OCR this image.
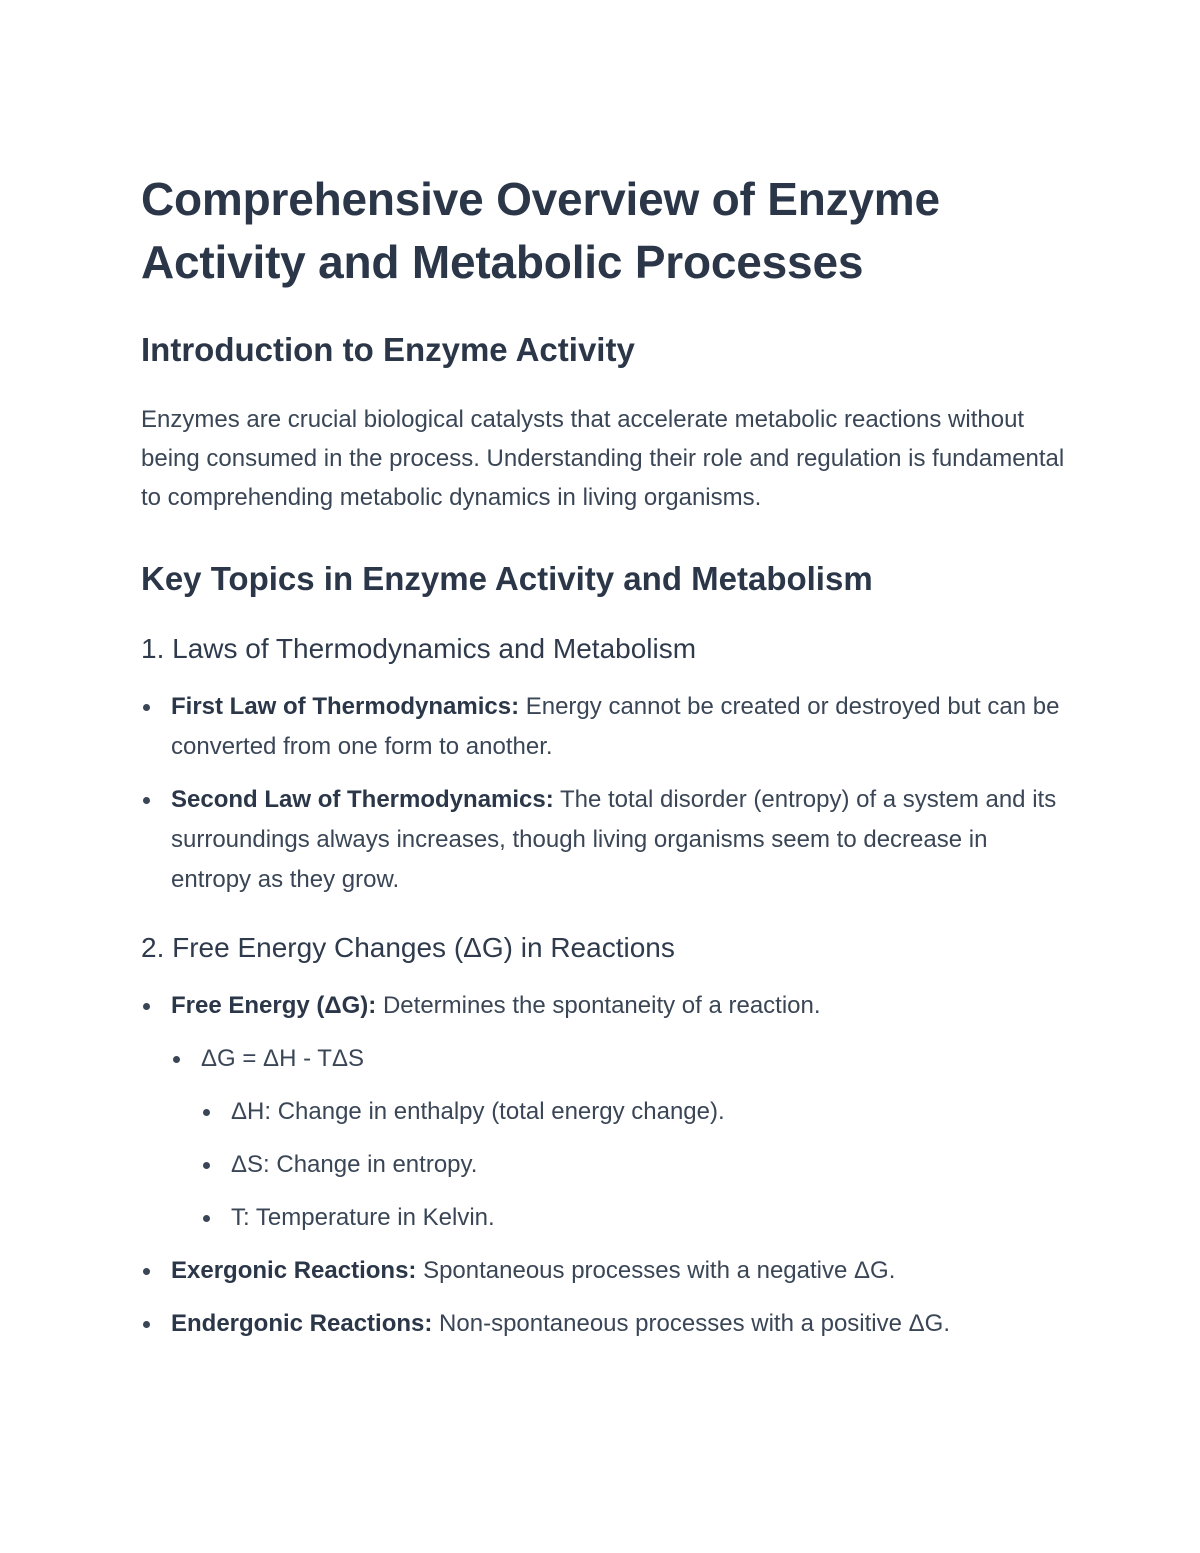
Comprehensive Overview of Enzyme Activity and Metabolic Processes
Introduction to Enzyme Activity

Enzymes are crucial biological catalysts that accelerate metabolic reactions without being consumed in the process. Understanding their role and regulation is fundamental to comprehending metabolic dynamics in living organisms.

Key Topics in Enzyme Activity and Metabolism
1. Laws of Thermodynamics and Metabolism
First Law of Thermodynamics: Energy cannot be created or destroyed but can be converted from one form to another.
Second Law of Thermodynamics: The total disorder (entropy) of a system and its surroundings always increases, though living organisms seem to decrease in entropy as they grow.
2. Free Energy Changes (ΔG) in Reactions
Free Energy (ΔG): Determines the spontaneity of a reaction.
ΔG = ΔH - TΔS
ΔH: Change in enthalpy (total energy change).
ΔS: Change in entropy.
T: Temperature in Kelvin.
Exergonic Reactions: Spontaneous processes with a negative ΔG.
Endergonic Reactions: Non-spontaneous processes with a positive ΔG.
